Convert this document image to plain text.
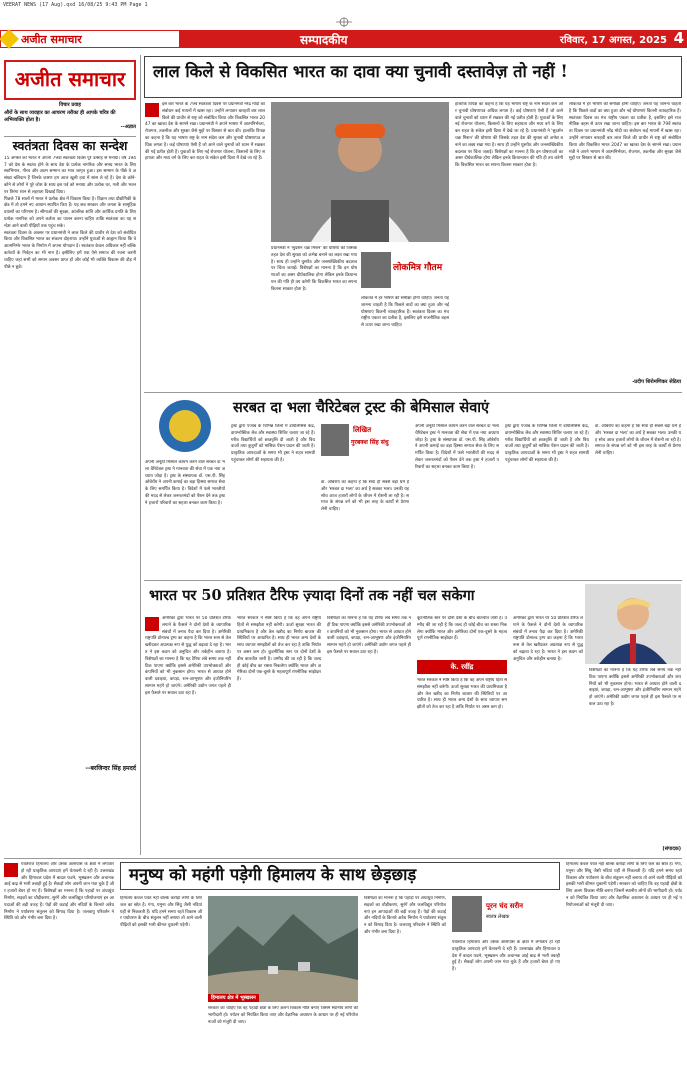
VEERAT NEWS (17 Aug).qxd 16/08/25 9:43 PM Page 1
अजीत समाचार	सम्पादकीय	रविवार, 17 अगस्त, 2025 4
अजीत समाचार
विचार प्रवाह
औरों के साथ व्यवहार का आचरण तरीका ही आपके चरित्र की अभिव्यक्ति होता है।
--अज्ञात
स्वतंत्रता दिवस का सन्देश

15 अगस्त को भारत ने अपना 79वां स्वतंत्रता दिवस पूरे उत्साह से मनाया। वर्ष 1947 को देश के स्वतंत्र होने के साथ देश के प्रत्येक नागरिक और समग्र भारत के लिए स्वाभिमान, गौरव और आत्म सम्मान का भाव जागृत हुआ। इस सम्मान के पीछे वे असंख्य बलिदान हैं जिनके कारण हम आज खुली हवा में सांस ले रहे हैं। देश के कोने-कोने से लोगों ने पूरे जोश के साथ इस पर्व को मनाया और प्रत्येक घर, गली और भवन पर तिरंगा शान से लहराता दिखाई दिया।

पिछले 78 सालों में भारत ने प्रत्येक क्षेत्र में विकास किया है। विज्ञान तथा प्रौद्योगिकी के क्षेत्र में तो हमने नए आयाम स्थापित किए हैं। यह सब सरकार और जनता के सामूहिक प्रयासों का परिणाम है। सीमाओं की सुरक्षा, आंतरिक शांति और आर्थिक प्रगति के लिए प्रत्येक नागरिक को अपने कर्तव्य का पालन करना चाहिए ताकि स्वतंत्रता का यह सन्देश आने वाली पीढ़ियों तक पहुंच सके।

स्वतंत्रता दिवस के अवसर पर प्रधानमंत्री ने लाल किले की प्राचीर से देश को संबोधित किया और विकसित भारत का संकल्प दोहराया। उन्होंने युवाओं से आह्वान किया कि वे आत्मनिर्भर भारत के निर्माण में अपना योगदान दें। स्वतंत्रता केवल अधिकार नहीं बल्कि कर्तव्यों के निर्वहन का भी नाम है। इसीलिए हमें एक ऐसे समाज की रचना करनी चाहिए जहां सभी को समान अवसर प्राप्त हों और कोई भी व्यक्ति विकास की दौड़ में पीछे न छूटे।

--बरजिन्दर सिंह हमदर्द
लाल किले से विकसित भारत का दावा क्या चुनावी दस्तावेज़ तो नहीं !
इस बार भारत के 79वें स्वतंत्रता दिवस पर प्रधानमंत्री नरेंद्र मोदी का संबोधन कई मायनों में खास रहा। उन्होंने लगातार बारहवीं बार लाल किले की प्राचीर से राष्ट्र को संबोधित किया और विकसित भारत 2047 का खाका देश के सामने रखा। प्रधानमंत्री ने अपने भाषण में आत्मनिर्भरता, रोजगार, तकनीक और सुरक्षा जैसे मुद्दों पर विस्तार से बात की। हालांकि विपक्ष का कहना है कि यह भाषण राष्ट्र के नाम संदेश कम और चुनावी घोषणापत्र अधिक लगता है। कई घोषणाएं ऐसी हैं जो आने वाले चुनावों को ध्यान में रखकर की गई प्रतीत होती हैं। युवाओं के लिए नई रोजगार योजना, किसानों के लिए सहायता और मध्य वर्ग के लिए कर राहत के संकेत इसी दिशा में देखे जा रहे हैं।
प्रधानमंत्री ने 'सुदर्शन चक्र मिशन' की घोषणा की जिसके तहत देश की सुरक्षा को अभेद्य बनाने का लक्ष्य रखा गया है। साथ ही उन्होंने घुसपैठ और जनसांख्यिकीय बदलाव पर चिंता जताई। विशेषज्ञों का मानना है कि इन घोषणाओं का असर दीर्घकालिक होगा लेकिन इनके क्रियान्वयन की गति ही तय करेगी कि विकसित भारत का सपना कितना साकार होता है।
लोकमित्र गौतम
लोकतंत्र में हर भाषण की समीक्षा होनी चाहिए। जनता यह जानना चाहती है कि पिछले वादों का क्या हुआ और नई घोषणाएं कितनी व्यावहारिक हैं। स्वतंत्रता दिवस का मंच राष्ट्रीय एकता का प्रतीक है, इसलिए इसे राजनीतिक बहस से ऊपर रखा जाना चाहिए।
हालांकि विपक्ष का कहना है कि यह भाषण राष्ट्र के नाम संदेश कम और चुनावी घोषणापत्र अधिक लगता है। कई घोषणाएं ऐसी हैं जो आने वाले चुनावों को ध्यान में रखकर की गई प्रतीत होती हैं। युवाओं के लिए नई रोजगार योजना, किसानों के लिए सहायता और मध्य वर्ग के लिए कर राहत के संकेत इसी दिशा में देखे जा रहे हैं। प्रधानमंत्री ने 'सुदर्शन चक्र मिशन' की घोषणा की जिसके तहत देश की सुरक्षा को अभेद्य बनाने का लक्ष्य रखा गया है। साथ ही उन्होंने घुसपैठ और जनसांख्यिकीय बदलाव पर चिंता जताई। विशेषज्ञों का मानना है कि इन घोषणाओं का असर दीर्घकालिक होगा लेकिन इनके क्रियान्वयन की गति ही तय करेगी कि विकसित भारत का सपना कितना साकार होता है।
लोकतंत्र में हर भाषण की समीक्षा होनी चाहिए। जनता यह जानना चाहती है कि पिछले वादों का क्या हुआ और नई घोषणाएं कितनी व्यावहारिक हैं। स्वतंत्रता दिवस का मंच राष्ट्रीय एकता का प्रतीक है, इसलिए इसे राजनीतिक बहस से ऊपर रखा जाना चाहिए। इस बार भारत के 79वें स्वतंत्रता दिवस पर प्रधानमंत्री नरेंद्र मोदी का संबोधन कई मायनों में खास रहा। उन्होंने लगातार बारहवीं बार लाल किले की प्राचीर से राष्ट्र को संबोधित किया और विकसित भारत 2047 का खाका देश के सामने रखा। प्रधानमंत्री ने अपने भाषण में आत्मनिर्भरता, रोजगार, तकनीक और सुरक्षा जैसे मुद्दों पर विस्तार से बात की।
-प्रदीप शिरोमणिकर सेठिया
सरबत दा भला चैरिटेबल ट्रस्ट की बेमिसाल सेवाएं
अपनी अनूठी मिसाल कायम करने वाले सरबत दा भला चैरिटेबल ट्रस्ट ने मानवता की सेवा में एक नया अध्याय जोड़ा है। ट्रस्ट के संस्थापक डॉ. एस.पी. सिंह ओबेरॉय ने अपनी कमाई का बड़ा हिस्सा समाज सेवा के लिए समर्पित किया है। विदेशों में फंसे भारतीयों की मदद से लेकर जरूरतमंदों को पेंशन देने तक ट्रस्ट ने हजारों परिवारों का सहारा बनकर काम किया है।
ट्रस्ट द्वारा पंजाब के विभिन्न जिलों में डायलिसिस केंद्र, डायग्नोस्टिक लैब और स्वास्थ्य शिविर चलाए जा रहे हैं। गरीब विद्यार्थियों को छात्रवृत्ति दी जाती है और विधवाओं तथा बुजुर्गों को मासिक पेंशन प्रदान की जाती है। प्राकृतिक आपदाओं के समय भी ट्रस्ट ने राहत सामग्री पहुंचाकर लोगों की सहायता की है।
लिखित
गुरबक्श सिंह संधु
डॉ. ओबेरॉय का कहना है कि सेवा ही सबसे बड़ा धर्म है और 'सरबत दा भला' का अर्थ है सबका भला। उनकी यह सोच आज हजारों लोगों के जीवन में रोशनी ला रही है। समाज के संपन्न वर्ग को भी इस तरह के कार्यों से प्रेरणा लेनी चाहिए।
अपनी अनूठी मिसाल कायम करने वाले सरबत दा भला चैरिटेबल ट्रस्ट ने मानवता की सेवा में एक नया अध्याय जोड़ा है। ट्रस्ट के संस्थापक डॉ. एस.पी. सिंह ओबेरॉय ने अपनी कमाई का बड़ा हिस्सा समाज सेवा के लिए समर्पित किया है। विदेशों में फंसे भारतीयों की मदद से लेकर जरूरतमंदों को पेंशन देने तक ट्रस्ट ने हजारों परिवारों का सहारा बनकर काम किया है।
ट्रस्ट द्वारा पंजाब के विभिन्न जिलों में डायलिसिस केंद्र, डायग्नोस्टिक लैब और स्वास्थ्य शिविर चलाए जा रहे हैं। गरीब विद्यार्थियों को छात्रवृत्ति दी जाती है और विधवाओं तथा बुजुर्गों को मासिक पेंशन प्रदान की जाती है। प्राकृतिक आपदाओं के समय भी ट्रस्ट ने राहत सामग्री पहुंचाकर लोगों की सहायता की है।
डॉ. ओबेरॉय का कहना है कि सेवा ही सबसे बड़ा धर्म है और 'सरबत दा भला' का अर्थ है सबका भला। उनकी यह सोच आज हजारों लोगों के जीवन में रोशनी ला रही है। समाज के संपन्न वर्ग को भी इस तरह के कार्यों से प्रेरणा लेनी चाहिए।
भारत पर 50 प्रतिशत टैरिफ ज़्यादा दिनों तक नहीं चल सकेगा
अमेरिका द्वारा भारत पर 50 प्रतिशत टैरिफ लगाने के फैसले ने दोनों देशों के व्यापारिक संबंधों में तनाव पैदा कर दिया है। अमेरिकी राष्ट्रपति डोनाल्ड ट्रम्प का कहना है कि भारत रूस से तेल खरीदकर अप्रत्यक्ष रूप से युद्ध को बढ़ावा दे रहा है। भारत ने इस कदम को अनुचित और तर्कहीन बताया है। विशेषज्ञों का मानना है कि यह टैरिफ लंबे समय तक नहीं टिक पाएगा क्योंकि इससे अमेरिकी उपभोक्ताओं और कंपनियों को भी नुकसान होगा। भारत से आयात होने वाली दवाइयां, कपड़ा, रत्न-आभूषण और इंजीनियरिंग सामान महंगे हो जाएंगे। अमेरिकी उद्योग जगत पहले ही इस फैसले पर सवाल उठा रहा है।
भारत सरकार ने स्पष्ट किया है कि वह अपने राष्ट्रीय हितों से समझौता नहीं करेगी। ऊर्जा सुरक्षा भारत की प्राथमिकता है और तेल खरीद का निर्णय बाजार की स्थितियों पर आधारित है। साथ ही भारत अन्य देशों के साथ व्यापार समझौतों को तेज कर रहा है ताकि निर्यात पर असर कम हो। कूटनीतिक स्तर पर दोनों देशों के बीच बातचीत जारी है। उम्मीद की जा रही है कि जल्द ही कोई बीच का रास्ता निकलेगा क्योंकि भारत और अमेरिका दोनों एक-दूसरे के महत्वपूर्ण रणनीतिक साझेदार हैं।
विशेषज्ञों का मानना है कि यह टैरिफ लंबे समय तक नहीं टिक पाएगा क्योंकि इससे अमेरिकी उपभोक्ताओं और कंपनियों को भी नुकसान होगा। भारत से आयात होने वाली दवाइयां, कपड़ा, रत्न-आभूषण और इंजीनियरिंग सामान महंगे हो जाएंगे। अमेरिकी उद्योग जगत पहले ही इस फैसले पर सवाल उठा रहा है।
कूटनीतिक स्तर पर दोनों देशों के बीच बातचीत जारी है। उम्मीद की जा रही है कि जल्द ही कोई बीच का रास्ता निकलेगा क्योंकि भारत और अमेरिका दोनों एक-दूसरे के महत्वपूर्ण रणनीतिक साझेदार हैं।
के. रवींद्र
भारत सरकार ने स्पष्ट किया है कि वह अपने राष्ट्रीय हितों से समझौता नहीं करेगी। ऊर्जा सुरक्षा भारत की प्राथमिकता है और तेल खरीद का निर्णय बाजार की स्थितियों पर आधारित है। साथ ही भारत अन्य देशों के साथ व्यापार समझौतों को तेज कर रहा है ताकि निर्यात पर असर कम हो।
अमेरिका द्वारा भारत पर 50 प्रतिशत टैरिफ लगाने के फैसले ने दोनों देशों के व्यापारिक संबंधों में तनाव पैदा कर दिया है। अमेरिकी राष्ट्रपति डोनाल्ड ट्रम्प का कहना है कि भारत रूस से तेल खरीदकर अप्रत्यक्ष रूप से युद्ध को बढ़ावा दे रहा है। भारत ने इस कदम को अनुचित और तर्कहीन बताया है।
विशेषज्ञों का मानना है कि यह टैरिफ लंबे समय तक नहीं टिक पाएगा क्योंकि इससे अमेरिकी उपभोक्ताओं और कंपनियों को भी नुकसान होगा। भारत से आयात होने वाली दवाइयां, कपड़ा, रत्न-आभूषण और इंजीनियरिंग सामान महंगे हो जाएंगे। अमेरिकी उद्योग जगत पहले ही इस फैसले पर सवाल उठा रहा है।
(संपादक)
पर्वतराज हिमालय और उसके आसपास के क्षेत्रों में लगातार हो रही प्राकृतिक आपदाएं हमें चेतावनी दे रही हैं। उत्तराखंड और हिमाचल प्रदेश में बादल फटने, भूस्खलन और अचानक आई बाढ़ से भारी तबाही हुई है। सैकड़ों लोग अपनी जान गंवा चुके हैं और हजारों बेघर हो गए हैं। विशेषज्ञों का मानना है कि पहाड़ों पर अंधाधुंध निर्माण, सड़कों का चौड़ीकरण, सुरंगें और जलविद्युत परियोजनाएं इन आपदाओं की बड़ी वजह हैं। पेड़ों की कटाई और नदियों के किनारे अवैध निर्माण ने पर्यावरण संतुलन को बिगाड़ दिया है। जलवायु परिवर्तन ने स्थिति को और गंभीर बना दिया है।
मनुष्य को महंगी पड़ेगी हिमालय के साथ छेड़छाड़
हिमालय केवल पर्वत नहीं बल्कि करोड़ों लोगों के लिए जल का स्रोत है। गंगा, यमुना और सिंधु जैसी नदियां यहीं से निकलती हैं। यदि हमने समय रहते विकास और पर्यावरण के बीच संतुलन नहीं बनाया तो आने वाली पीढ़ियों को इसकी भारी कीमत चुकानी पड़ेगी।
हिमालय क्षेत्र में भूस्खलन
सरकार को चाहिए कि वह पहाड़ी क्षेत्रों के लिए अलग विकास नीति बनाए जिसमें स्थानीय लोगों की भागीदारी हो। पर्यटन को नियंत्रित किया जाए और वैज्ञानिक अध्ययन के आधार पर ही नई परियोजनाओं को मंजूरी दी जाए।
विशेषज्ञों का मानना है कि पहाड़ों पर अंधाधुंध निर्माण, सड़कों का चौड़ीकरण, सुरंगें और जलविद्युत परियोजनाएं इन आपदाओं की बड़ी वजह हैं। पेड़ों की कटाई और नदियों के किनारे अवैध निर्माण ने पर्यावरण संतुलन को बिगाड़ दिया है। जलवायु परिवर्तन ने स्थिति को और गंभीर बना दिया है।
पूरन चंद सरीन
स्वतंत्र लेखक
पर्वतराज हिमालय और उसके आसपास के क्षेत्रों में लगातार हो रही प्राकृतिक आपदाएं हमें चेतावनी दे रही हैं। उत्तराखंड और हिमाचल प्रदेश में बादल फटने, भूस्खलन और अचानक आई बाढ़ से भारी तबाही हुई है। सैकड़ों लोग अपनी जान गंवा चुके हैं और हजारों बेघर हो गए हैं।
हिमालय केवल पर्वत नहीं बल्कि करोड़ों लोगों के लिए जल का स्रोत है। गंगा, यमुना और सिंधु जैसी नदियां यहीं से निकलती हैं। यदि हमने समय रहते विकास और पर्यावरण के बीच संतुलन नहीं बनाया तो आने वाली पीढ़ियों को इसकी भारी कीमत चुकानी पड़ेगी। सरकार को चाहिए कि वह पहाड़ी क्षेत्रों के लिए अलग विकास नीति बनाए जिसमें स्थानीय लोगों की भागीदारी हो। पर्यटन को नियंत्रित किया जाए और वैज्ञानिक अध्ययन के आधार पर ही नई परियोजनाओं को मंजूरी दी जाए।
